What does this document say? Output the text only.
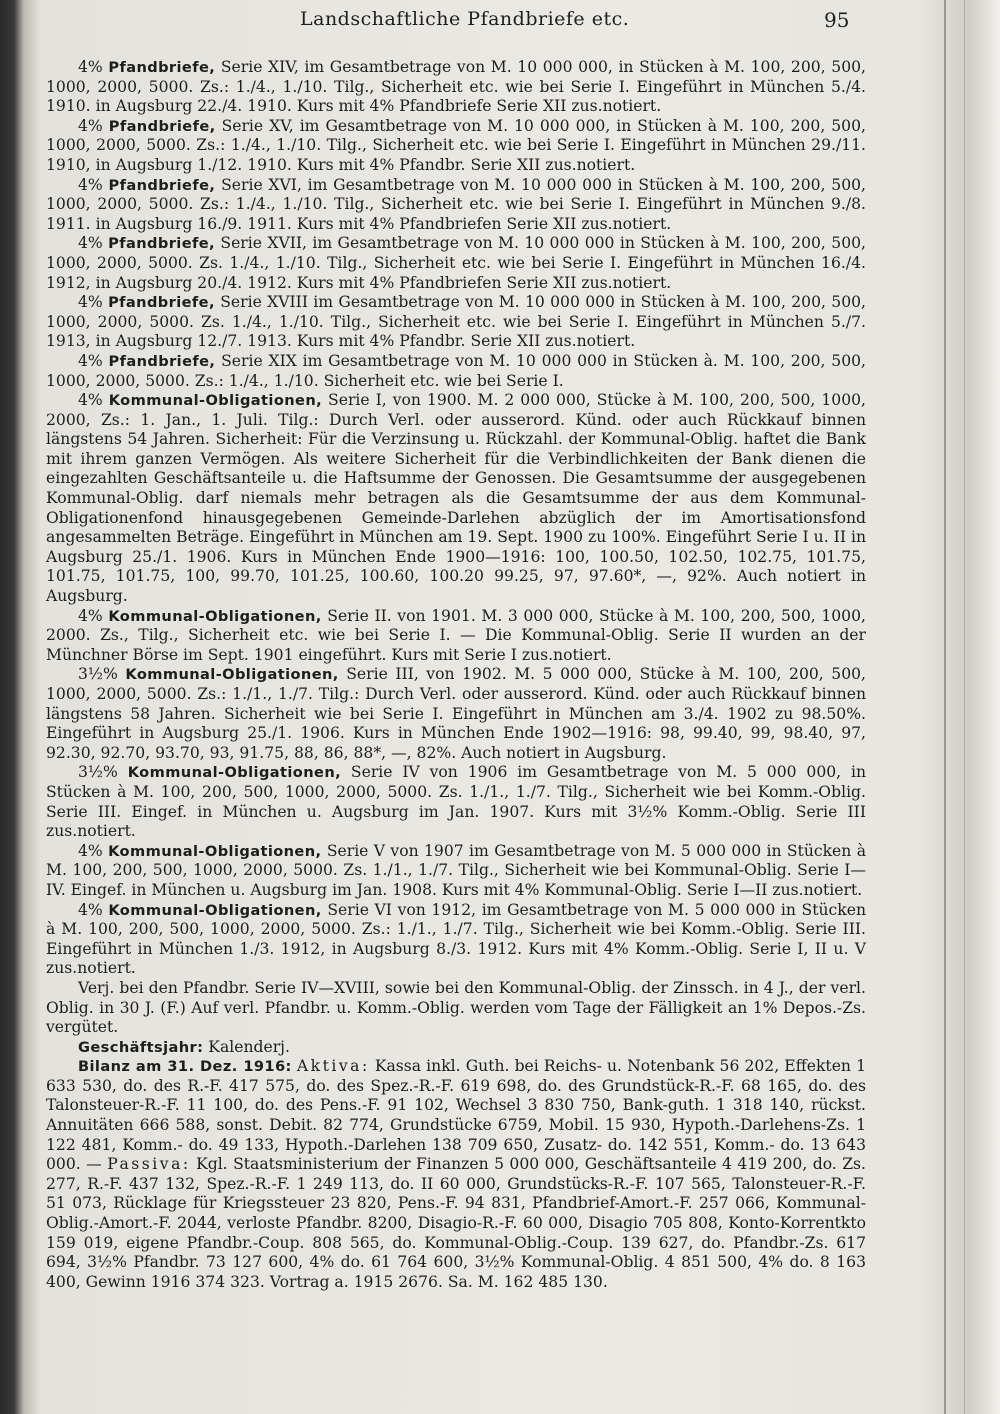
Landschaftliche Pfandbriefe etc.	95

4% Pfandbriefe, Serie XIV, im Gesamtbetrage von M. 10 000 000, in Stücken à M. 100, 200, 500, 1000, 2000, 5000. Zs.: 1./4., 1./10. Tilg., Sicherheit etc. wie bei Serie I. Eingeführt in München 5./4. 1910. in Augsburg 22./4. 1910. Kurs mit 4% Pfandbriefe Serie XII zus.notiert.

4% Pfandbriefe, Serie XV, im Gesamtbetrage von M. 10 000 000, in Stücken à M. 100, 200, 500, 1000, 2000, 5000. Zs.: 1./4., 1./10. Tilg., Sicherheit etc. wie bei Serie I. Eingeführt in München 29./11. 1910, in Augsburg 1./12. 1910. Kurs mit 4% Pfandbr. Serie XII zus.notiert.

4% Pfandbriefe, Serie XVI, im Gesamtbetrage von M. 10 000 000 in Stücken à M. 100, 200, 500, 1000, 2000, 5000. Zs.: 1./4., 1./10. Tilg., Sicherheit etc. wie bei Serie I. Eingeführt in München 9./8. 1911. in Augsburg 16./9. 1911. Kurs mit 4% Pfandbriefen Serie XII zus.notiert.

4% Pfandbriefe, Serie XVII, im Gesamtbetrage von M. 10 000 000 in Stücken à M. 100, 200, 500, 1000, 2000, 5000. Zs. 1./4., 1./10. Tilg., Sicherheit etc. wie bei Serie I. Eingeführt in München 16./4. 1912, in Augsburg 20./4. 1912. Kurs mit 4% Pfandbriefen Serie XII zus.notiert.

4% Pfandbriefe, Serie XVIII im Gesamtbetrage von M. 10 000 000 in Stücken à M. 100, 200, 500, 1000, 2000, 5000. Zs. 1./4., 1./10. Tilg., Sicherheit etc. wie bei Serie I. Eingeführt in München 5./7. 1913, in Augsburg 12./7. 1913. Kurs mit 4% Pfandbr. Serie XII zus.notiert.

4% Pfandbriefe, Serie XIX im Gesamtbetrage von M. 10 000 000 in Stücken à. M. 100, 200, 500, 1000, 2000, 5000. Zs.: 1./4., 1./10. Sicherheit etc. wie bei Serie I.

4% Kommunal-Obligationen, Serie I, von 1900. M. 2 000 000, Stücke à M. 100, 200, 500, 1000, 2000, Zs.: 1. Jan., 1. Juli. Tilg.: Durch Verl. oder ausserord. Künd. oder auch Rückkauf binnen längstens 54 Jahren. Sicherheit: Für die Verzinsung u. Rückzahl. der Kommunal-Oblig. haftet die Bank mit ihrem ganzen Vermögen. Als weitere Sicherheit für die Verbindlichkeiten der Bank dienen die eingezahlten Geschäftsanteile u. die Haftsumme der Genossen. Die Gesamtsumme der ausgegebenen Kommunal-Oblig. darf niemals mehr betragen als die Gesamtsumme der aus dem Kommunal-Obligationenfond hinausgegebenen Gemeinde-Darlehen abzüglich der im Amortisationsfond angesammelten Beträge. Eingeführt in München am 19. Sept. 1900 zu 100%. Eingeführt Serie I u. II in Augsburg 25./1. 1906. Kurs in München Ende 1900—1916: 100, 100.50, 102.50, 102.75, 101.75, 101.75, 101.75, 100, 99.70, 101.25, 100.60, 100.20 99.25, 97, 97.60*, —, 92%. Auch notiert in Augsburg.

4% Kommunal-Obligationen, Serie II. von 1901. M. 3 000 000, Stücke à M. 100, 200, 500, 1000, 2000. Zs., Tilg., Sicherheit etc. wie bei Serie I. — Die Kommunal-Oblig. Serie II wurden an der Münchner Börse im Sept. 1901 eingeführt. Kurs mit Serie I zus.notiert.

3½% Kommunal-Obligationen, Serie III, von 1902. M. 5 000 000, Stücke à M. 100, 200, 500, 1000, 2000, 5000. Zs.: 1./1., 1./7. Tilg.: Durch Verl. oder ausserord. Künd. oder auch Rückkauf binnen längstens 58 Jahren. Sicherheit wie bei Serie I. Eingeführt in München am 3./4. 1902 zu 98.50%. Eingeführt in Augsburg 25./1. 1906. Kurs in München Ende 1902—1916: 98, 99.40, 99, 98.40, 97, 92.30, 92.70, 93.70, 93, 91.75, 88, 86, 88*, —, 82%. Auch notiert in Augsburg.

3½% Kommunal-Obligationen, Serie IV von 1906 im Gesamtbetrage von M. 5 000 000, in Stücken à M. 100, 200, 500, 1000, 2000, 5000. Zs. 1./1., 1./7. Tilg., Sicherheit wie bei Komm.-Oblig. Serie III. Eingef. in München u. Augsburg im Jan. 1907. Kurs mit 3½% Komm.-Oblig. Serie III zus.notiert.

4% Kommunal-Obligationen, Serie V von 1907 im Gesamtbetrage von M. 5 000 000 in Stücken à M. 100, 200, 500, 1000, 2000, 5000. Zs. 1./1., 1./7. Tilg., Sicherheit wie bei Kommunal-Oblig. Serie I—IV. Eingef. in München u. Augsburg im Jan. 1908. Kurs mit 4% Kommunal-Oblig. Serie I—II zus.notiert.

4% Kommunal-Obligationen, Serie VI von 1912, im Gesamtbetrage von M. 5 000 000 in Stücken à M. 100, 200, 500, 1000, 2000, 5000. Zs.: 1./1., 1./7. Tilg., Sicherheit wie bei Komm.-Oblig. Serie III. Eingeführt in München 1./3. 1912, in Augsburg 8./3. 1912. Kurs mit 4% Komm.-Oblig. Serie I, II u. V zus.notiert.

Verj. bei den Pfandbr. Serie IV—XVIII, sowie bei den Kommunal-Oblig. der Zinssch. in 4 J., der verl. Oblig. in 30 J. (F.) Auf verl. Pfandbr. u. Komm.-Oblig. werden vom Tage der Fälligkeit an 1% Depos.-Zs. vergütet.

Geschäftsjahr: Kalenderj.

Bilanz am 31. Dez. 1916: Aktiva: Kassa inkl. Guth. bei Reichs- u. Notenbank 56 202, Effekten 1 633 530, do. des R.-F. 417 575, do. des Spez.-R.-F. 619 698, do. des Grundstück-R.-F. 68 165, do. des Talonsteuer-R.-F. 11 100, do. des Pens.-F. 91 102, Wechsel 3 830 750, Bank-guth. 1 318 140, rückst. Annuitäten 666 588, sonst. Debit. 82 774, Grundstücke 6759, Mobil. 15 930, Hypoth.-Darlehens-Zs. 1 122 481, Komm.- do. 49 133, Hypoth.-Darlehen 138 709 650, Zusatz- do. 142 551, Komm.- do. 13 643 000. — Passiva: Kgl. Staatsministerium der Finanzen 5 000 000, Geschäftsanteile 4 419 200, do. Zs. 277, R.-F. 437 132, Spez.-R.-F. 1 249 113, do. II 60 000, Grundstücks-R.-F. 107 565, Talonsteuer-R.-F. 51 073, Rücklage für Kriegssteuer 23 820, Pens.-F. 94 831, Pfandbrief-Amort.-F. 257 066, Kommunal-Oblig.-Amort.-F. 2044, verloste Pfandbr. 8200, Disagio-R.-F. 60 000, Disagio 705 808, Konto-Korrentkto 159 019, eigene Pfandbr.-Coup. 808 565, do. Kommunal-Oblig.-Coup. 139 627, do. Pfandbr.-Zs. 617 694, 3½% Pfandbr. 73 127 600, 4% do. 61 764 600, 3½% Kommunal-Oblig. 4 851 500, 4% do. 8 163 400, Gewinn 1916 374 323. Vortrag a. 1915 2676. Sa. M. 162 485 130.
